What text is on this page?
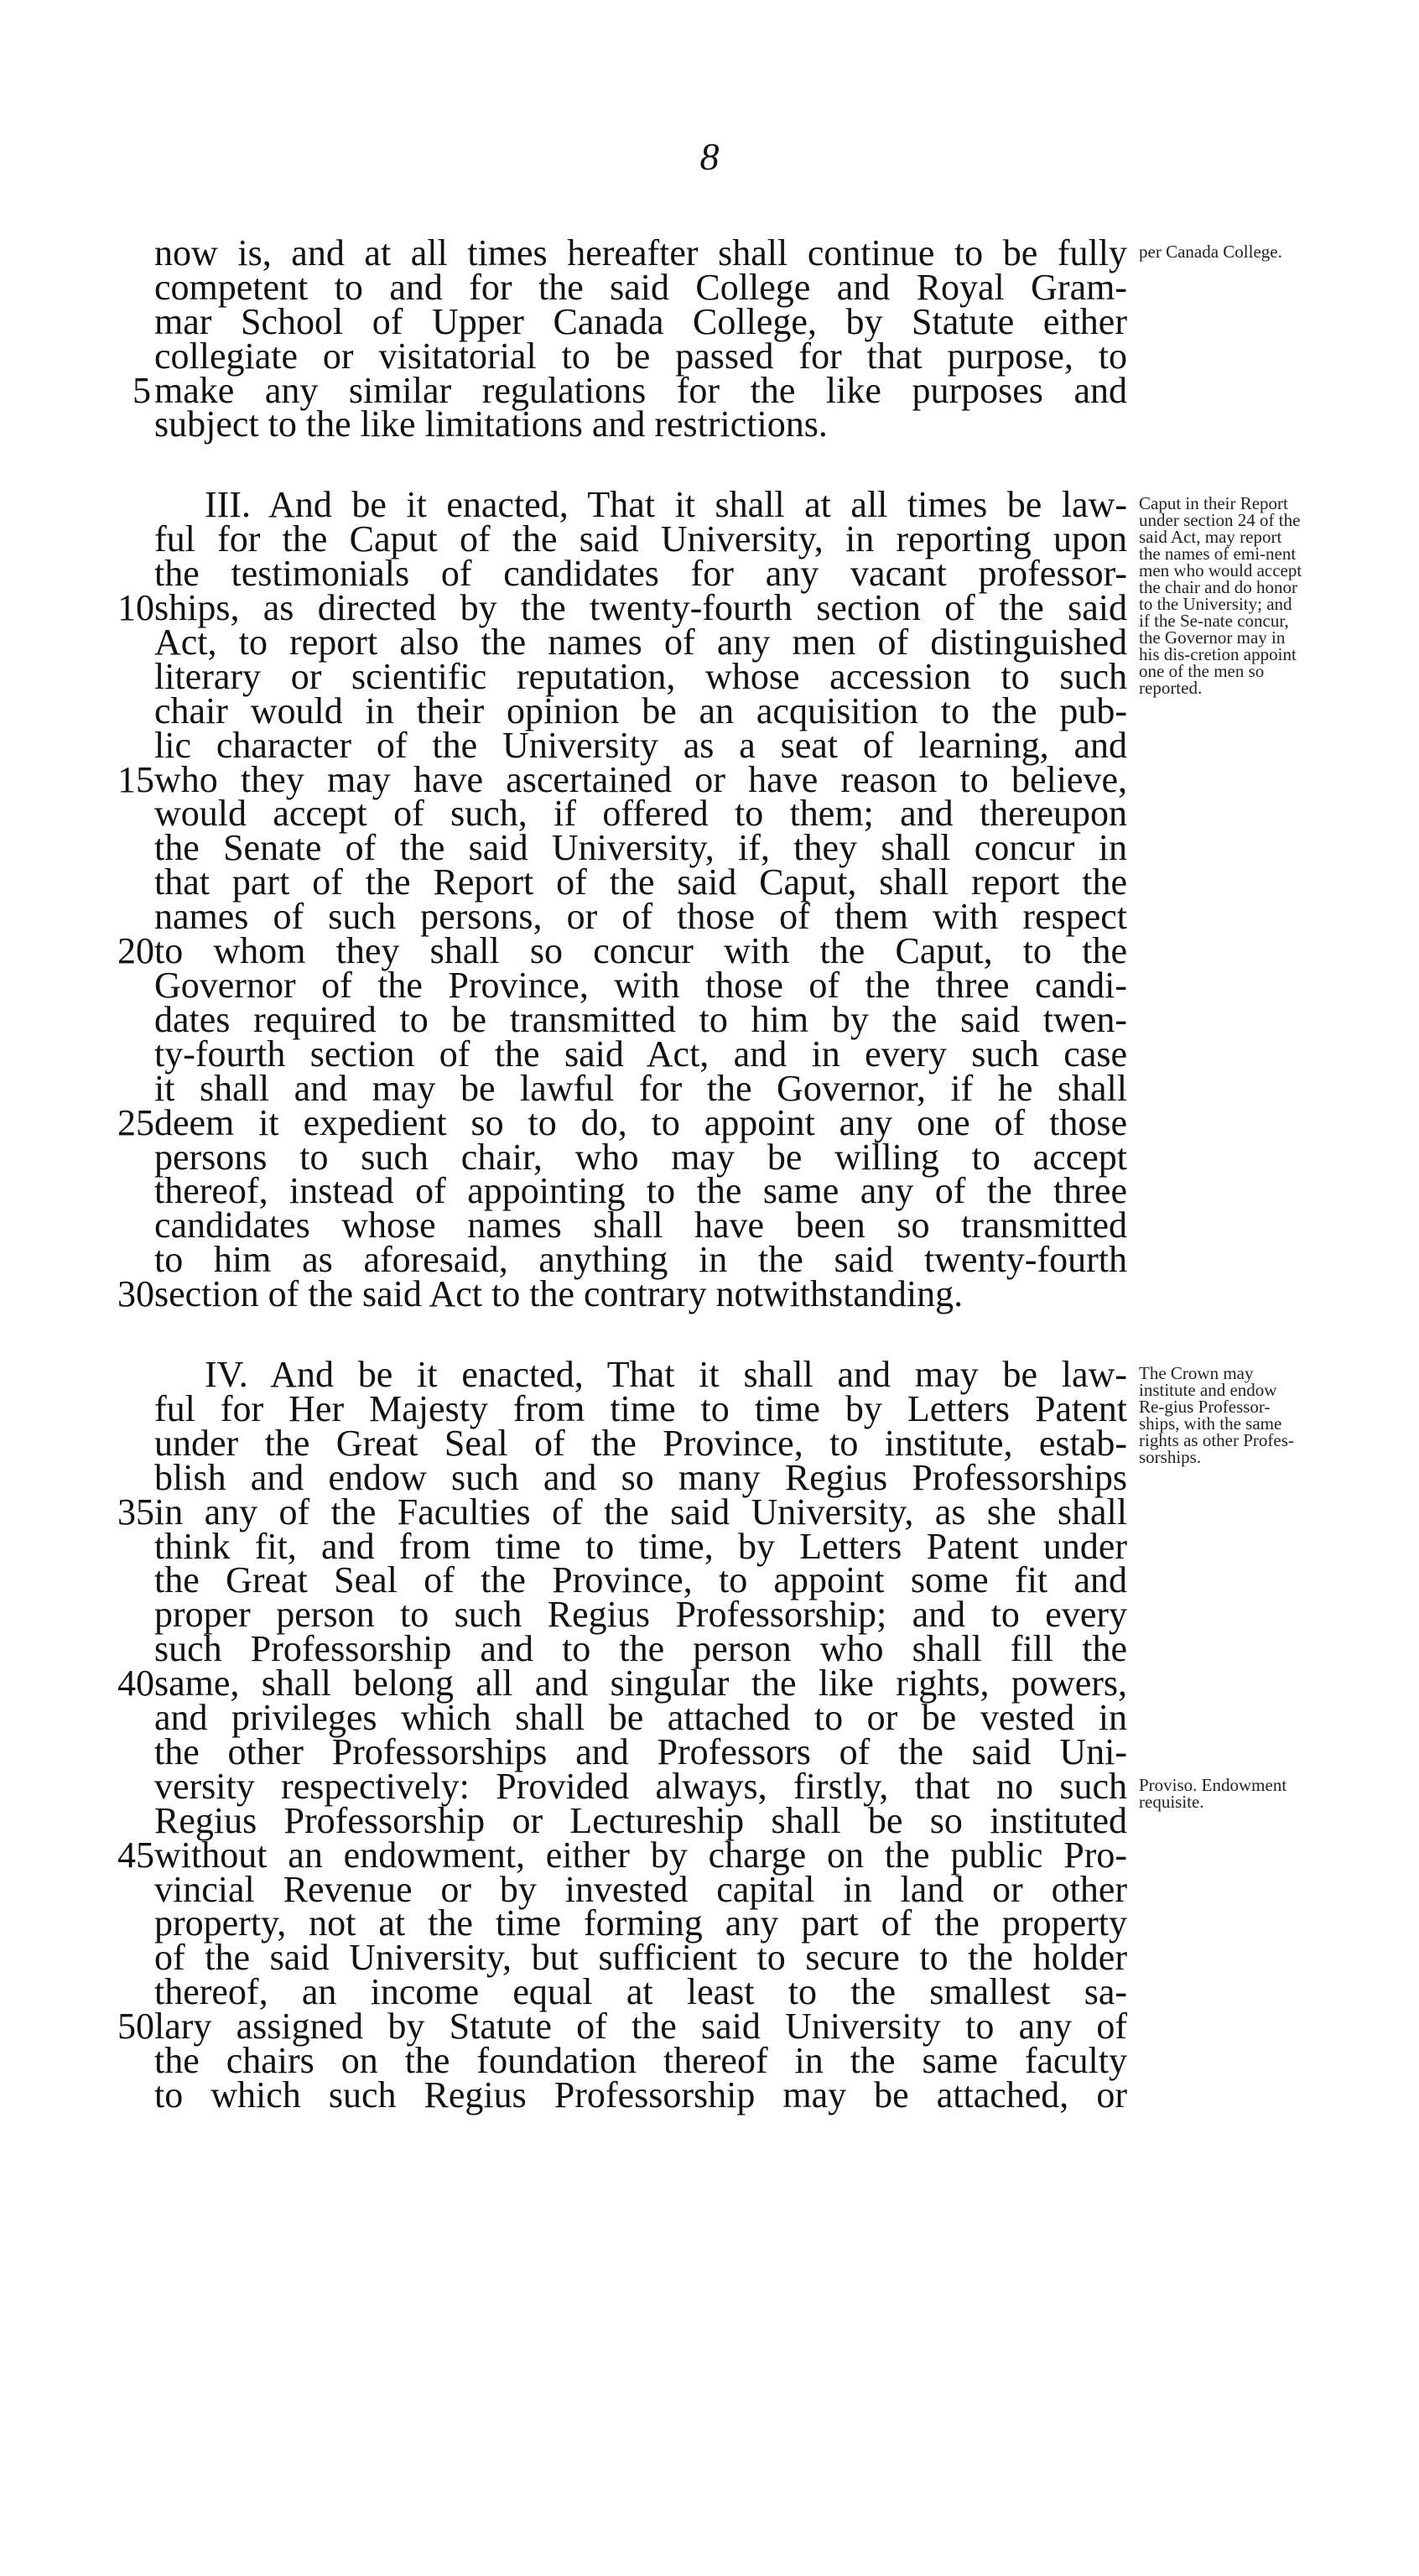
8
now is, and at all times hereafter shall continue to be fully
competent to and for the said College and Royal Gram-
mar School of Upper Canada College, by Statute either
collegiate or visitatorial to be passed for that purpose, to
5 make any similar regulations for the like purposes and
subject to the like limitations and restrictions.
III. And be it enacted, That it shall at all times be law-
ful for the Caput of the said University, in reporting upon
the testimonials of candidates for any vacant professor-
10 ships, as directed by the twenty-fourth section of the said
Act, to report also the names of any men of distinguished
literary or scientific reputation, whose accession to such
chair would in their opinion be an acquisition to the pub-
lic character of the University as a seat of learning, and
15 who they may have ascertained or have reason to believe,
would accept of such, if offered to them; and thereupon
the Senate of the said University, if, they shall concur in
that part of the Report of the said Caput, shall report the
names of such persons, or of those of them with respect
20 to whom they shall so concur with the Caput, to the
Governor of the Province, with those of the three candi-
dates required to be transmitted to him by the said twen-
ty-fourth section of the said Act, and in every such case
it shall and may be lawful for the Governor, if he shall
25 deem it expedient so to do, to appoint any one of those
persons to such chair, who may be willing to accept
thereof, instead of appointing to the same any of the three
candidates whose names shall have been so transmitted
to him as aforesaid, anything in the said twenty-fourth
30 section of the said Act to the contrary notwithstanding.
IV. And be it enacted, That it shall and may be law-
ful for Her Majesty from time to time by Letters Patent
under the Great Seal of the Province, to institute, estab-
blish and endow such and so many Regius Professorships
35 in any of the Faculties of the said University, as she shall
think fit, and from time to time, by Letters Patent under
the Great Seal of the Province, to appoint some fit and
proper person to such Regius Professorship; and to every
such Professorship and to the person who shall fill the
40 same, shall belong all and singular the like rights, powers,
and privileges which shall be attached to or be vested in
the other Professorships and Professors of the said Uni-
versity respectively: Provided always, firstly, that no such
Regius Professorship or Lectureship shall be so instituted
45 without an endowment, either by charge on the public Pro-
vincial Revenue or by invested capital in land or other
property, not at the time forming any part of the property
of the said University, but sufficient to secure to the holder
thereof, an income equal at least to the smallest sa-
50 lary assigned by Statute of the said University to any of
the chairs on the foundation thereof in the same faculty
to which such Regius Professorship may be attached, or
per Canada College.
Caput in their Report under section 24 of the said Act, may report the names of emi-nent men who would accept the chair and do honor to the University; and if the Se-nate concur, the Governor may in his dis-cretion appoint one of the men so reported.
The Crown may institute and endow Re-gius Professor-ships, with the same rights as other Profes-sorships.
Proviso. Endowment requisite.
